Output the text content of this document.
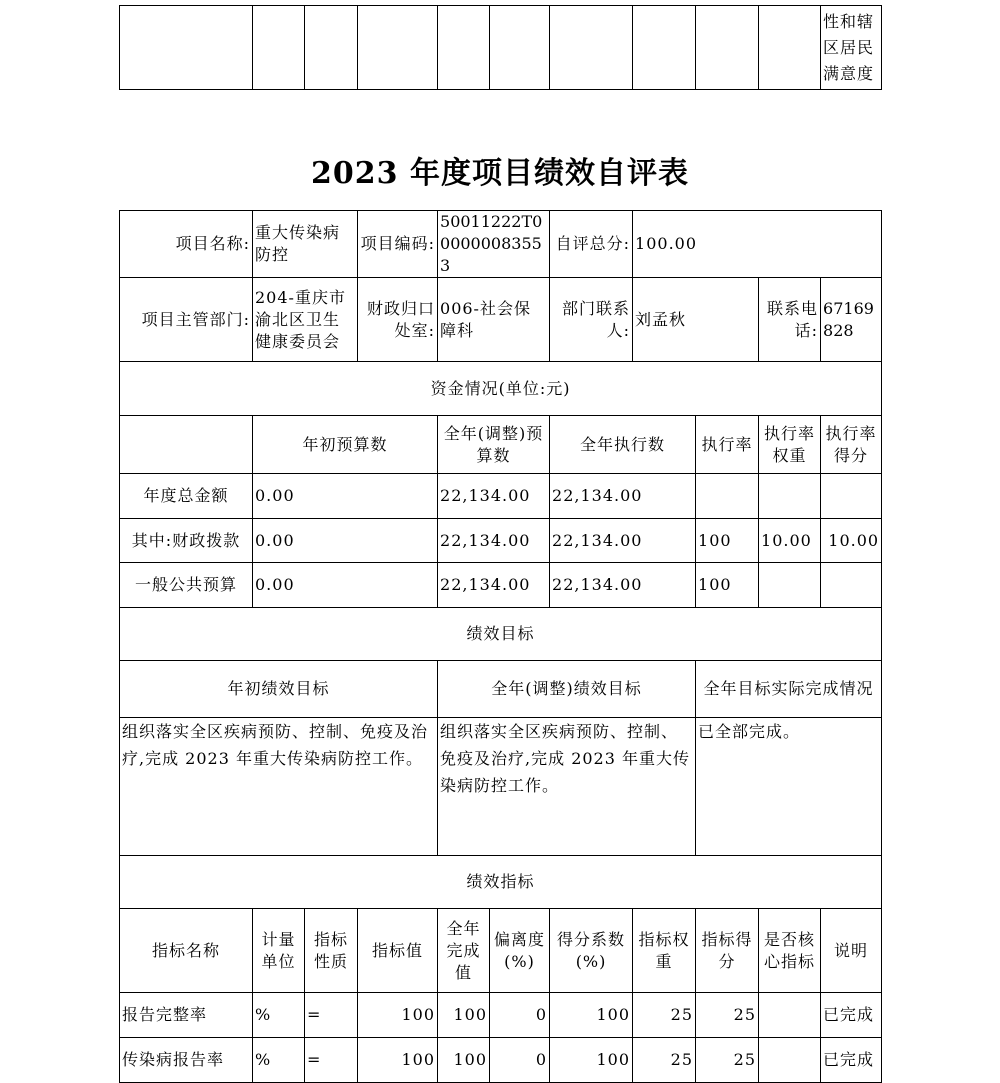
										性和辖区居民满意度
2023 年度项目绩效自评表
项目名称:	重大传染病防控		项目编码:	50011222T000000083553		自评总分:	100.00			
项目主管部门:	204-重庆市渝北区卫生健康委员会		财政归口处室:	006-社会保障科		部门联系人:	刘孟秋		联系电话:	67169828
资金情况(单位:元)										
	年初预算数			全年(调整)预算数		全年执行数		执行率	执行率权重	执行率得分
年度总金额	0.00			22,134.00		22,134.00				
其中:财政拨款	0.00			22,134.00		22,134.00		100	10.00	10.00
一般公共预算	0.00			22,134.00		22,134.00		100		
绩效目标										
年初绩效目标				全年(调整)绩效目标				全年目标实际完成情况		
组织落实全区疾病预防、控制、免疫及治疗,完成 2023 年重大传染病防控工作。				组织落实全区疾病预防、控制、免疫及治疗,完成 2023 年重大传染病防控工作。				已全部完成。		
绩效指标										
指标名称	计量单位	指标性质	指标值	全年完成值	偏离度(%)	得分系数(%)	指标权重	指标得分	是否核心指标	说明
报告完整率	%	=	100	100	0	100	25	25		已完成
传染病报告率	%	=	100	100	0	100	25	25		已完成
